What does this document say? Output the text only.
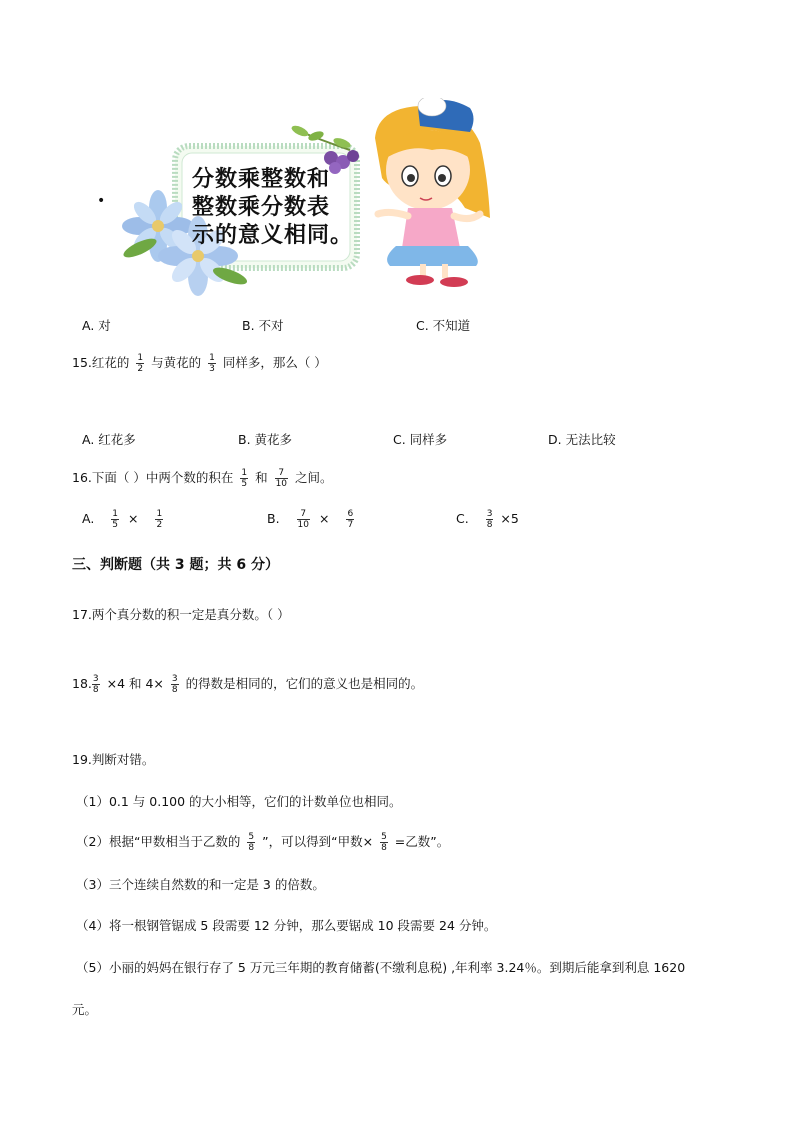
•
分数乘整数和
整数乘分数表
示的意义相同。
A. 对	B. 不对	C. 不知道
15.红花的 $\frac{1}{2}$ 与黄花的 $\frac{1}{3}$ 同样多，那么（ ）
A. 红花多	B. 黄花多	C. 同样多	D. 无法比较
16.下面（ ）中两个数的积在 $\frac{1}{5}$ 和 $\frac{7}{10}$ 之间。
A. $\frac{1}{5} \times \frac{1}{2}$	B. $\frac{7}{10} \times \frac{6}{7}$	C. $\frac{3}{8} \times 5$
三、判断题（共 3 题；共 6 分）
17.两个真分数的积一定是真分数。（ ）
18. $\frac{3}{8} \times 4$ 和 $4\times \frac{3}{8}$ 的得数是相同的，它们的意义也是相同的。
19.判断对错。
（1）0.1 与 0.100 的大小相等，它们的计数单位也相同。
（2）根据“甲数相当于乙数的 $\frac{5}{8}$ ”，可以得到“甲数× $\frac{5}{8}$ =乙数”。
（3）三个连续自然数的和一定是 3 的倍数。
（4）将一根钢管锯成 5 段需要 12 分钟，那么要锯成 10 段需要 24 分钟。
（5）小丽的妈妈在银行存了 5 万元三年期的教育储蓄(不缴利息税) ,年利率 3.24％。到期后能拿到利息 1620
元。
